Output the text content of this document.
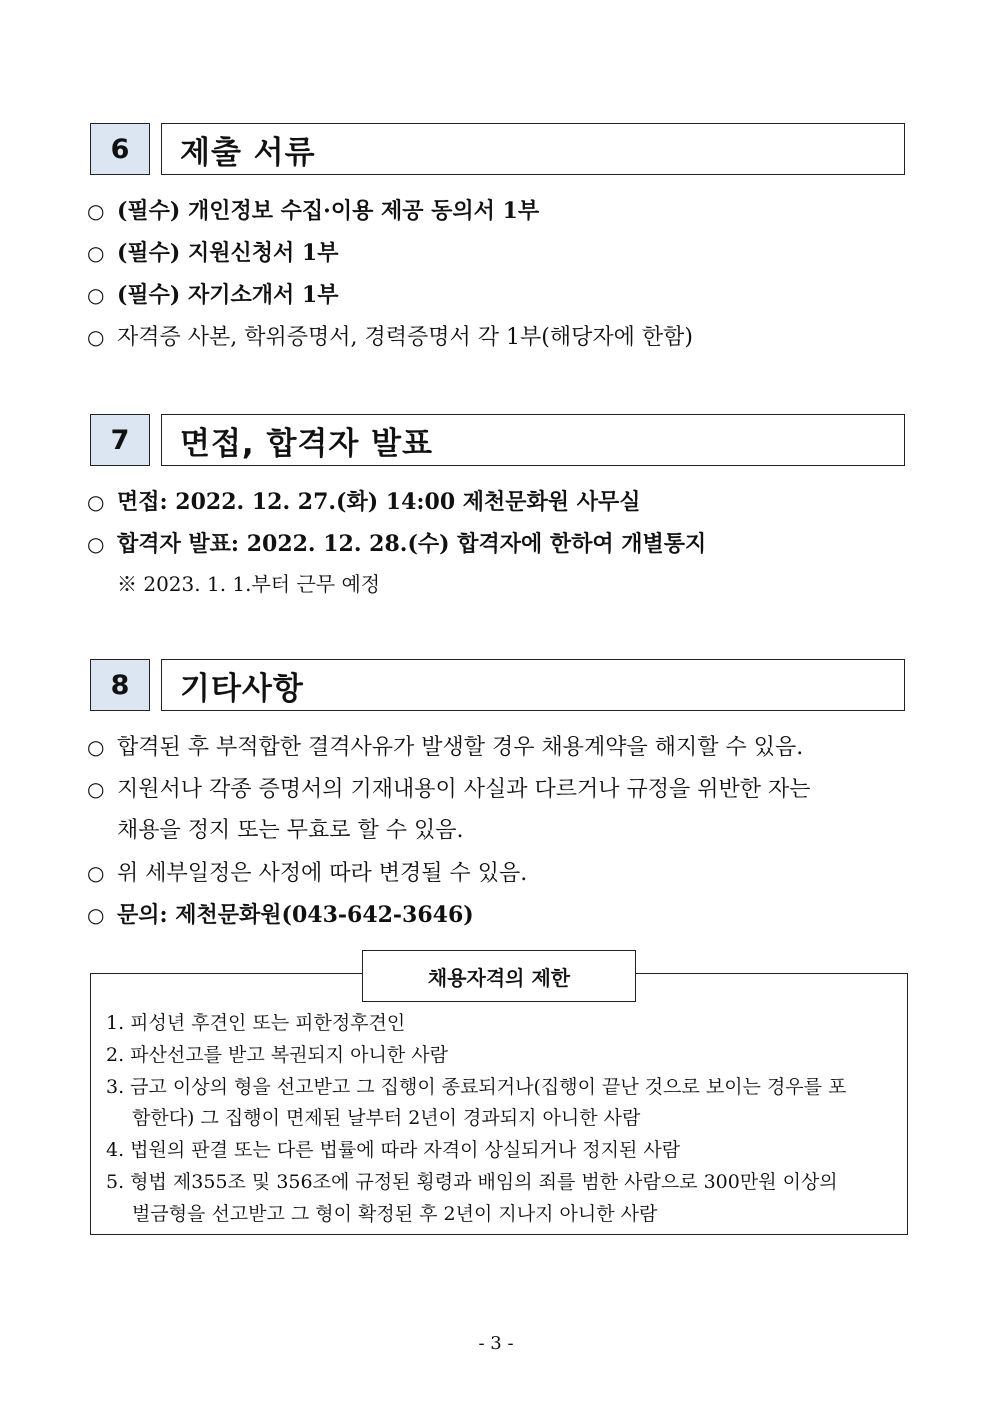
6	제출 서류
○ (필수) 개인정보 수집·이용 제공 동의서 1부
○ (필수) 지원신청서 1부
○ (필수) 자기소개서 1부
○ 자격증 사본, 학위증명서, 경력증명서 각 1부(해당자에 한함)
7	면접, 합격자 발표
○ 면접: 2022. 12. 27.(화) 14:00 제천문화원 사무실
○ 합격자 발표: 2022. 12. 28.(수) 합격자에 한하여 개별통지
※ 2023. 1. 1.부터 근무 예정
8	기타사항
○ 합격된 후 부적합한 결격사유가 발생할 경우 채용계약을 해지할 수 있음.
○ 지원서나 각종 증명서의 기재내용이 사실과 다르거나 규정을 위반한 자는
채용을 정지 또는 무효로 할 수 있음.
○ 위 세부일정은 사정에 따라 변경될 수 있음.
○ 문의: 제천문화원(043-642-3646)
채용자격의 제한
1. 피성년 후견인 또는 피한정후견인
2. 파산선고를 받고 복권되지 아니한 사람
3. 금고 이상의 형을 선고받고 그 집행이 종료되거나(집행이 끝난 것으로 보이는 경우를 포
함한다) 그 집행이 면제된 날부터 2년이 경과되지 아니한 사람
4. 법원의 판결 또는 다른 법률에 따라 자격이 상실되거나 정지된 사람
5. 형법 제355조 및 356조에 규정된 횡령과 배임의 죄를 범한 사람으로 300만원 이상의
벌금형을 선고받고 그 형이 확정된 후 2년이 지나지 아니한 사람
- 3 -
